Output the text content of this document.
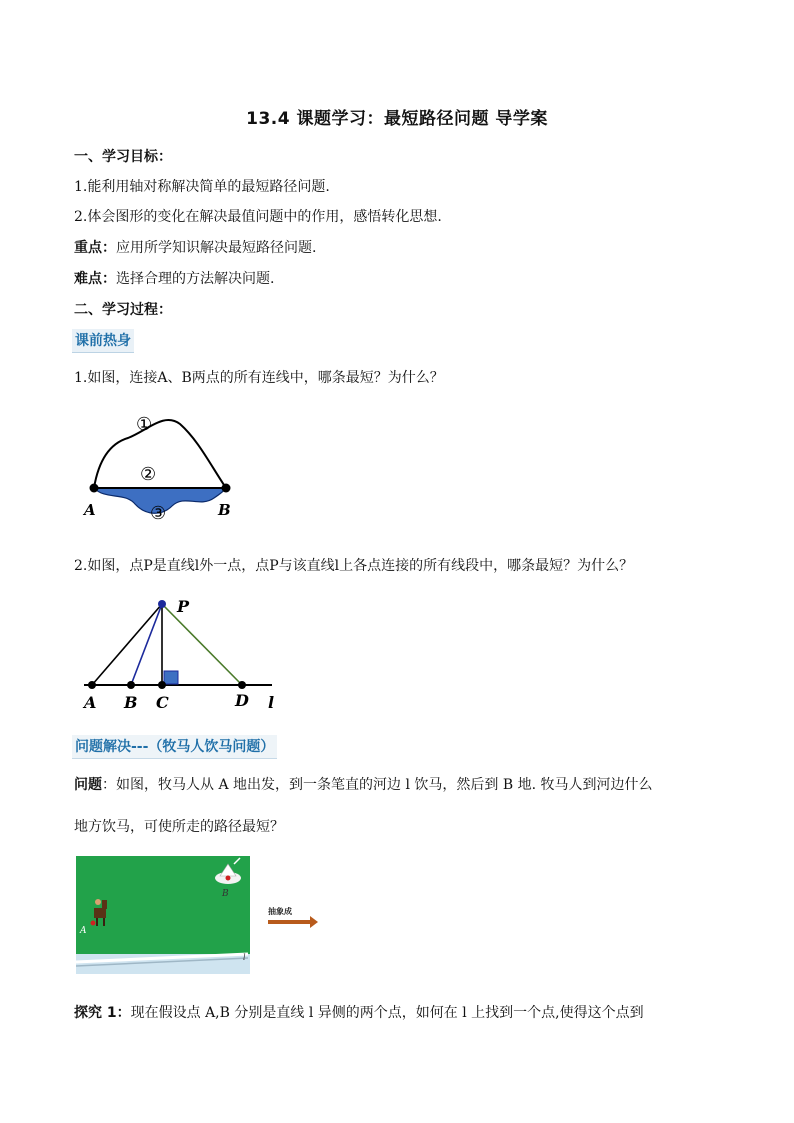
13.4 课题学习：最短路径问题 导学案
一、学习目标：
1.能利用轴对称解决简单的最短路径问题.
2.体会图形的变化在解决最值问题中的作用，感悟转化思想.
重点：应用所学知识解决最短路径问题.
难点：选择合理的方法解决问题.
二、学习过程：
课前热身
1.如图，连接A、B两点的所有连线中，哪条最短？为什么？
①
②
③
A	B
2.如图，点P是直线l外一点，点P与该直线l上各点连接的所有线段中，哪条最短？为什么？
P
A B C	D l
问题解决---（牧马人饮马问题）
问题：如图，牧马人从 A 地出发，到一条笔直的河边 l 饮马，然后到 B 地. 牧马人到河边什么
地方饮马，可使所走的路径最短？
A
B
l
抽象成
探究 1：现在假设点 A,B 分别是直线 l 异侧的两个点，如何在 l 上找到一个点,使得这个点到
